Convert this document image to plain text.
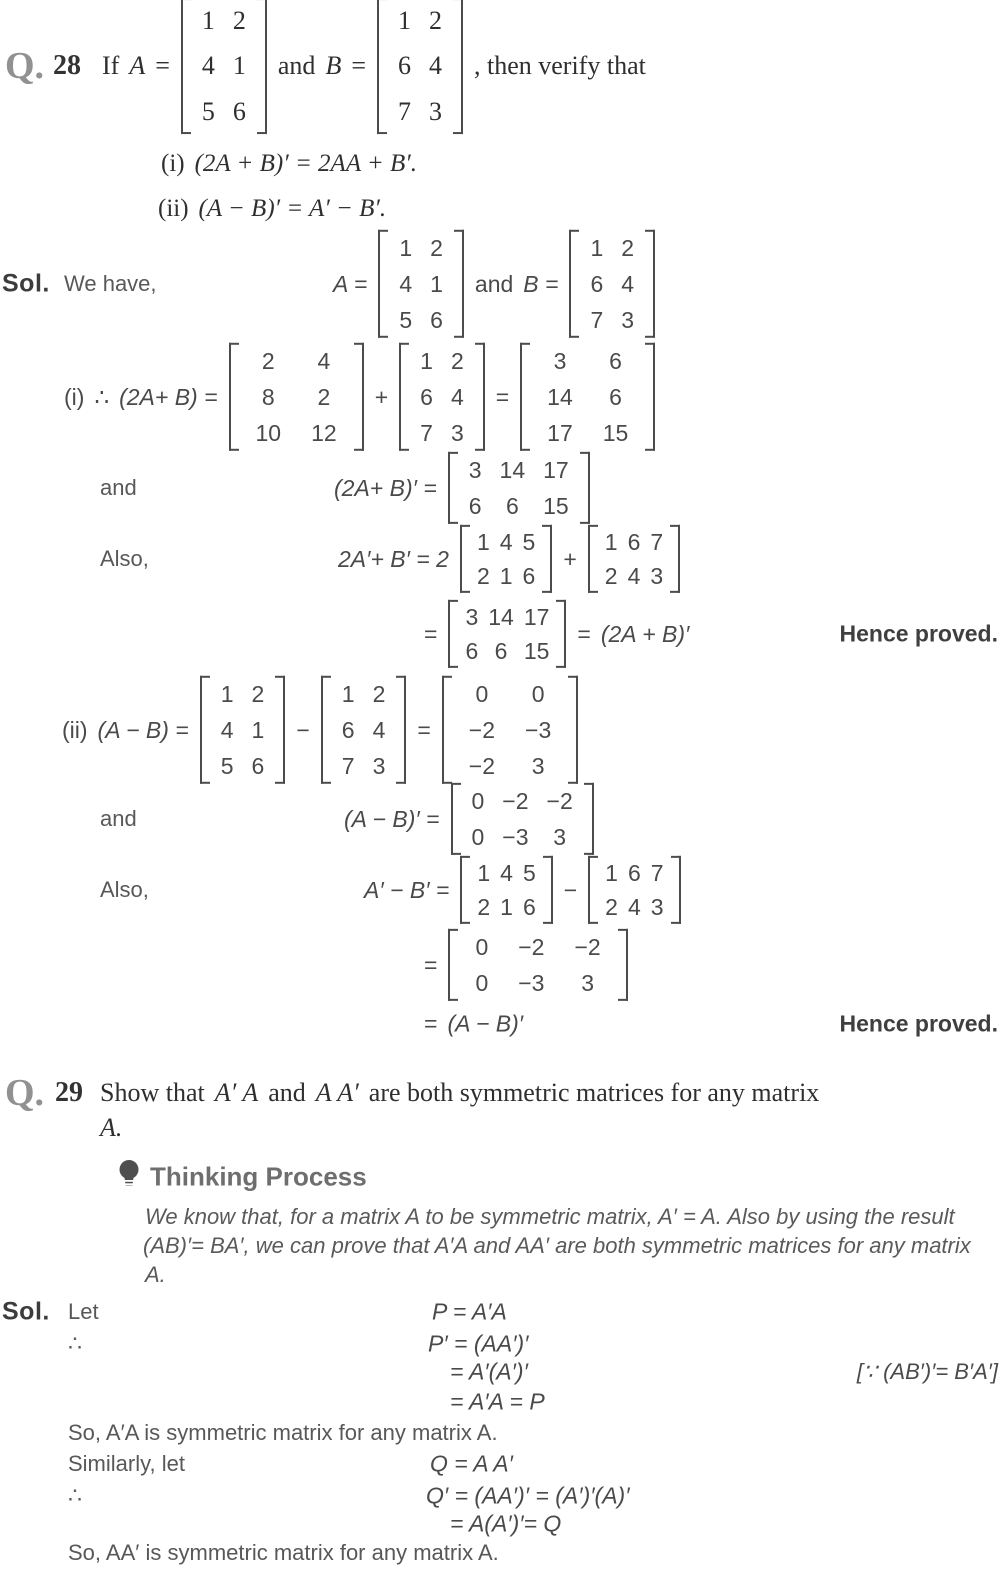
Q. 28 If A =
1	2
4	1
5	6
and B =
1	2
6	4
7	3
, then verify that
(i) (2A + B)′ = 2AA + B′.
(ii) (A − B)′ = A′ − B′.
Sol. We have,	A =
1	2
4	1
5	6
and B =
1	2
6	4
7	3
(i) ∴ (2A+ B) =
2	4
8	2
10	12
+
1	2
6	4
7	3
=
3	6
14	6
17	15
and	(2A+ B)′ =
3	14	17
6	6	15
Also,	2A′+ B′ = 2
1	4	5
2	1	6
+
1	6	7
2	4	3
=
3	14	17
6	6	15
= (2A + B)′	Hence proved.
(ii) (A − B) =
1	2
4	1
5	6
−
1	2
6	4
7	3
=
0	0
−2	−3
−2	3
and	(A − B)′ =
0	−2	−2
0	−3	3
Also,	A′ − B′ =
1	4	5
2	1	6
−
1	6	7
2	4	3
=
0	−2	−2
0	−3	3
= (A − B)′	Hence proved.
Q. 29 Show that A′ A and A A′ are both symmetric matrices for any matrix
A.
Thinking Process
We know that, for a matrix A to be symmetric matrix, A′ = A. Also by using the result
(AB)′= BA′, we can prove that A′A and AA′ are both symmetric matrices for any matrix
A.
Sol. Let	P = A′A
∴	P′ = (AA′)′
= A′(A′)′	[∵ (AB′)′= B′A′]
= A′A = P
So, A′A is symmetric matrix for any matrix A.
Similarly, let	Q = A A′
∴	Q′ = (AA′)′ = (A′)′(A)′
= A(A′)′= Q
So, AA′ is symmetric matrix for any matrix A.
